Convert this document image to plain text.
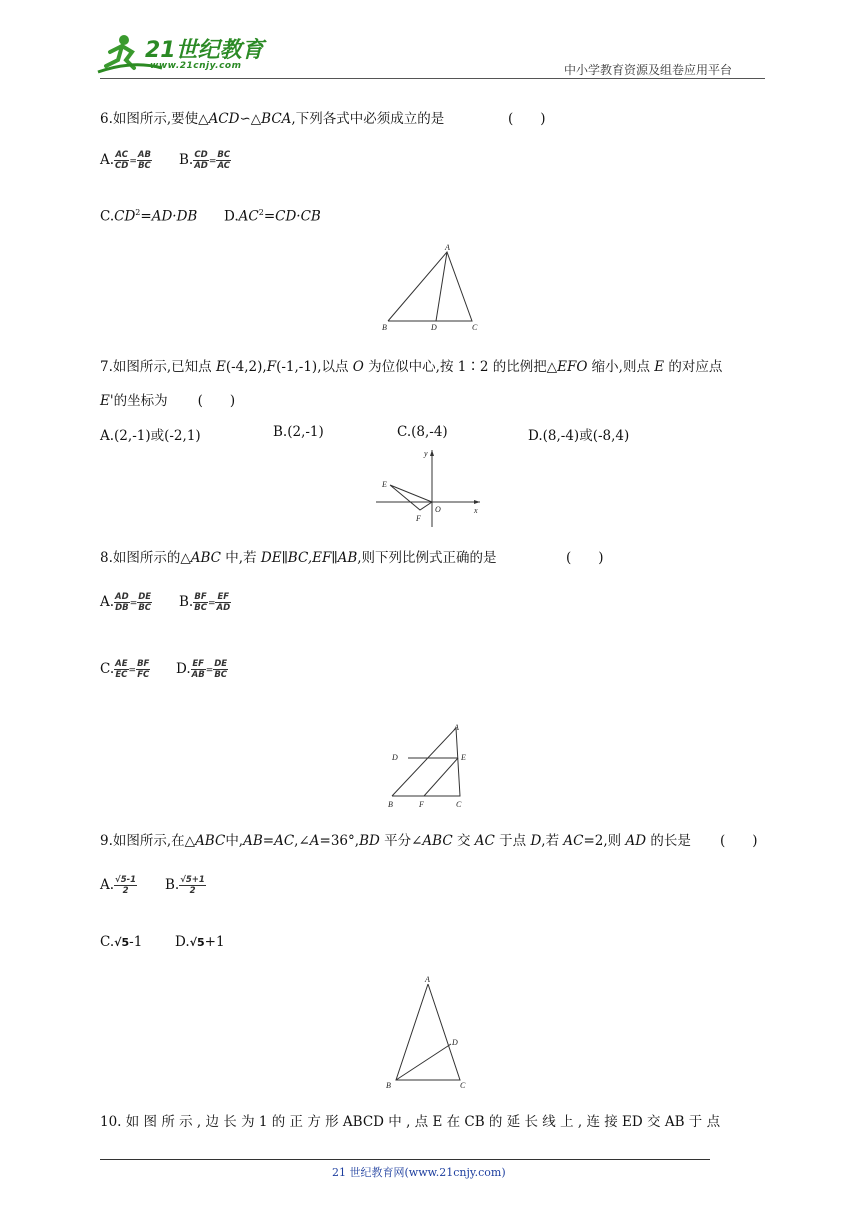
21世纪教育
www.21cnjy.com	中小学教育资源及组卷应用平台
6.如图所示,要使△ACD∽△BCA,下列各式中必须成立的是	(　　)
A. $\frac{AC}{CD} = \frac{AB}{BC} B$. $\frac{CD}{AD} = \frac{BC}{AC}$
$C.CD^2=AD\cdot DB$ $D.AC^2=CD\cdot CB$
A
B	D	C
7.如图所示,已知点 E(-4,2),F(-1,-1),以点 O 为位似中心,按 1∶2 的比例把△EFO 缩小,则点 E 的对应点
E'的坐标为 (　　)
A.(2,-1)或(-2,1)	B.(2,-1)	C.(8,-4)	D.(8,-4)或(-8,4)
y
x
E
O
F
8.如图所示的△ABC 中,若 DE∥BC,EF∥AB,则下列比例式正确的是	(　　)
A. $\frac{AD}{DB} = \frac{DE}{BC} B$. $\frac{BF}{BC} = \frac{EF}{AD}$
C. $\frac{AE}{EC} = \frac{BF}{FC} D$. $\frac{EF}{AB} = \frac{DE}{BC}$
A
D	E
B	F	C
9.如图所示,在△ABC中,AB=AC,∠A=36°,BD 平分∠ABC 交 AC 于点 D,若 AC=2,则 AD 的长是 (　　)
A. $\frac{√5-1}{2} B$. $\frac{√5+1}{2}$
C.√5-1 D.√5+1
A
D
B	C
10. 如 图 所 示 , 边 长 为 1 的 正 方 形 ABCD 中 , 点 E 在 CB 的 延 长 线 上 , 连 接 ED 交 AB 于 点
21 世纪教育网(www.21cnjy.com)
